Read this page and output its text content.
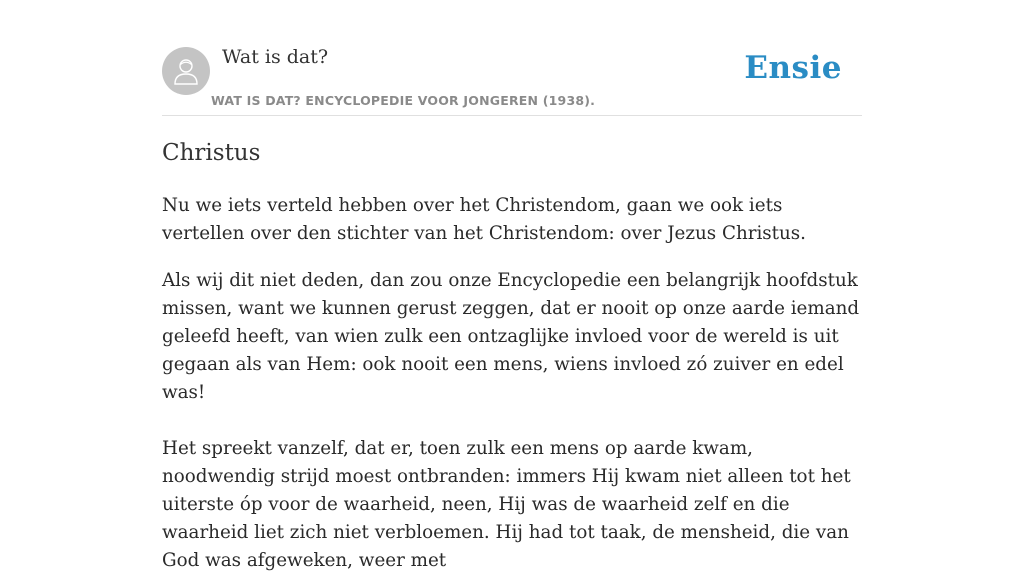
Wat is dat?
WAT IS DAT? ENCYCLOPEDIE VOOR JONGEREN (1938).
Ensie
Christus

Nu we iets verteld hebben over het Christendom, gaan we ook iets vertellen over den stichter van het Christendom: over Jezus Christus.

Als wij dit niet deden, dan zou onze Encyclopedie een belangrijk hoofdstuk missen, want we kunnen gerust zeggen, dat er nooit op onze aarde iemand geleefd heeft, van wien zulk een ontzaglijke invloed voor de wereld is uit gegaan als van Hem: ook nooit een mens, wiens invloed zó zuiver en edel was!

Het spreekt vanzelf, dat er, toen zulk een mens op aarde kwam, noodwendig strijd moest ontbranden: immers Hij kwam niet alleen tot het uiterste óp voor de waarheid, neen, Hij was de waarheid zelf en die waarheid liet zich niet verbloemen. Hij had tot taak, de mensheid, die van God was afgeweken, weer met
